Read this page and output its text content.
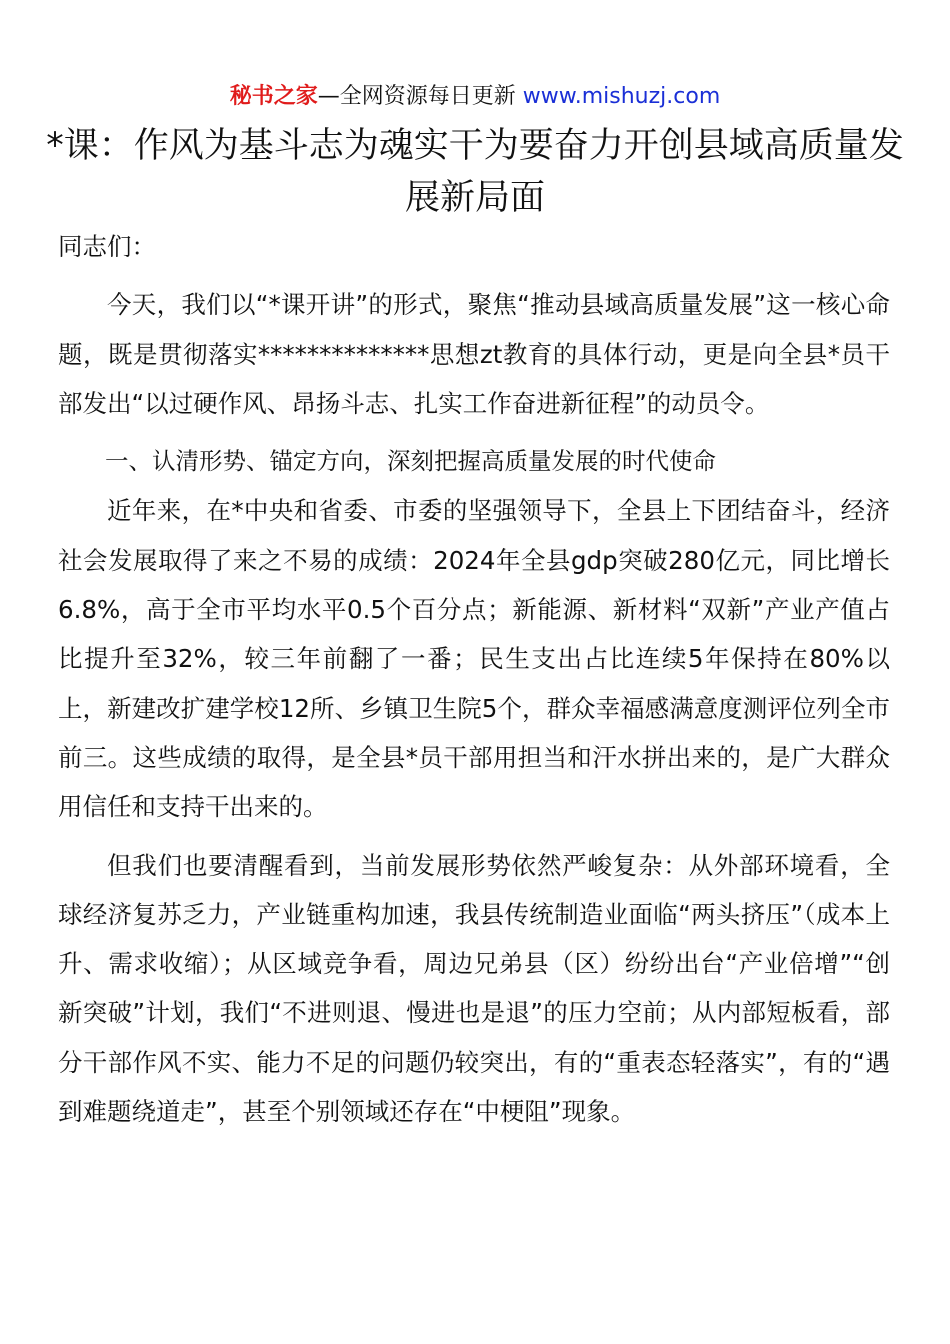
秘书之家—全网资源每日更新 www.mishuzj.com
*课：作风为基斗志为魂实干为要奋力开创县域高质量发展新局面

同志们：

今天，我们以“*课开讲”的形式，聚焦“推动县域高质量发展”这一核心命题，既是贯彻落实**************思想zt教育的具体行动，更是向全县*员干部发出“以过硬作风、昂扬斗志、扎实工作奋进新征程”的动员令。

一、认清形势、锚定方向，深刻把握高质量发展的时代使命

近年来，在*中央和省委、市委的坚强领导下，全县上下团结奋斗，经济社会发展取得了来之不易的成绩：2024年全县gdp突破280亿元，同比增长6.8%，高于全市平均水平0.5个百分点；新能源、新材料“双新”产业产值占比提升至32%，较三年前翻了一番；民生支出占比连续5年保持在80%以上，新建改扩建学校12所、乡镇卫生院5个，群众幸福感满意度测评位列全市前三。这些成绩的取得，是全县*员干部用担当和汗水拼出来的，是广大群众用信任和支持干出来的。

但我们也要清醒看到，当前发展形势依然严峻复杂：从外部环境看，全球经济复苏乏力，产业链重构加速，我县传统制造业面临“两头挤压”（成本上升、需求收缩）；从区域竞争看，周边兄弟县（区）纷纷出台“产业倍增”“创新突破”计划，我们“不进则退、慢进也是退”的压力空前；从内部短板看，部分干部作风不实、能力不足的问题仍较突出，有的“重表态轻落实”，有的“遇到难题绕道走”，甚至个别领域还存在“中梗阻”现象。
